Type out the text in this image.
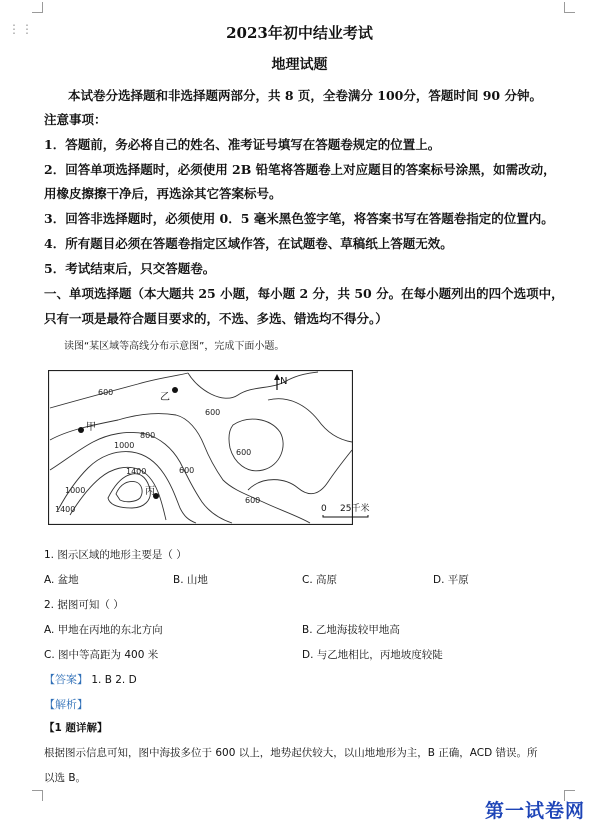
⋮⋮	2023年初中结业考试
地理试题
本试卷分选择题和非选择题两部分，共 8 页，全卷满分 100分，答题时间 90 分钟。
注意事项：
1．答题前，务必将自己的姓名、准考证号填写在答题卷规定的位置上。
2．回答单项选择题时，必须使用 2B 铅笔将答题卷上对应题目的答案标号涂黑，如需改动，
用橡皮擦擦干净后，再选涂其它答案标号。
3．回答非选择题时，必须使用 0．5 毫米黑色签字笔，将答案书写在答题卷指定的位置内。
4．所有题目必须在答题卷指定区域作答，在试题卷、草稿纸上答题无效。
5．考试结束后，只交答题卷。
一、单项选择题（本大题共 25 小题，每小题 2 分，共 50 分。在每小题列出的四个选项中，
只有一项是最符合题目要求的，不选、多选、错选均不得分。）
读图“某区域等高线分布示意图”，完成下面小题。
600
600
800
1000
600
600
600
1000
1400
1400
乙
甲
丙
N
0 25千米
1. 图示区域的地形主要是（ ）
A. 盆地	B. 山地	C. 高原	D. 平原
2. 据图可知（ ）
A. 甲地在丙地的东北方向	B. 乙地海拔较甲地高
C. 图中等高距为 400 米	D. 与乙地相比，丙地坡度较陡
【答案】 1. B 2. D
【解析】
【1 题详解】
根据图示信息可知，图中海拔多位于 600 以上，地势起伏较大，以山地地形为主，B 正确，ACD 错误。所
以选 B。
第一试卷网
